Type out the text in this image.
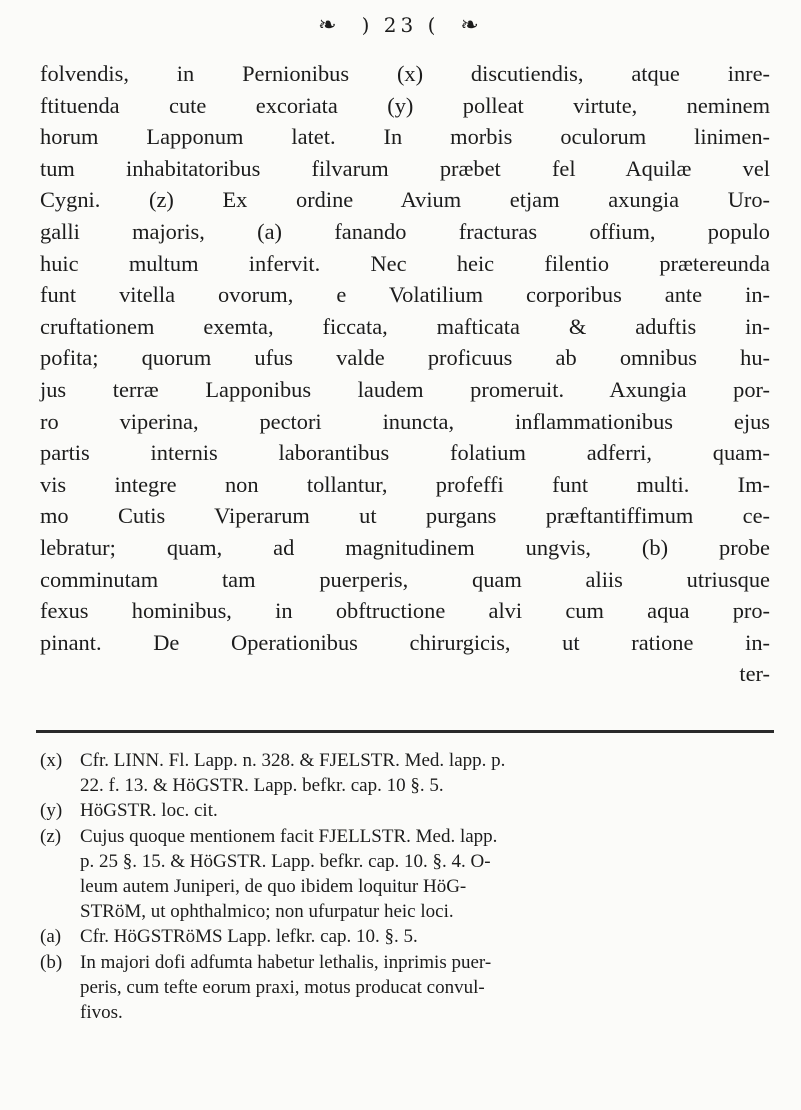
❧ ) 23 ( ❧
folvendis, in Pernionibus (x) discutiendis, atque inre-
ftituenda cute excoriata (y) polleat virtute, neminem
horum Lapponum latet. In morbis oculorum linimen-
tum inhabitatoribus filvarum præbet fel Aquilæ vel
Cygni. (z) Ex ordine Avium etjam axungia Uro-
galli majoris, (a) fanando fracturas offium, populo
huic multum infervit. Nec heic filentio prætereunda
funt vitella ovorum, e Volatilium corporibus ante in-
cruftationem exemta, ficcata, mafticata & aduftis in-
pofita; quorum ufus valde proficuus ab omnibus hu-
jus terræ Lapponibus laudem promeruit. Axungia por-
ro viperina, pectori inuncta, inflammationibus ejus
partis internis laborantibus folatium adferri, quam-
vis integre non tollantur, profeffi funt multi. Im-
mo Cutis Viperarum ut purgans præftantiffimum ce-
lebratur; quam, ad magnitudinem ungvis, (b) probe
comminutam tam puerperis, quam aliis utriusque
fexus hominibus, in obftructione alvi cum aqua pro-
pinant. De Operationibus chirurgicis, ut ratione in-
ter-
(x) Cfr. LINN. Fl. Lapp. n. 328. & FJELSTR. Med. lapp. p.
22. f. 13. & HöGSTR. Lapp. befkr. cap. 10 §. 5.
(y) HöGSTR. loc. cit.
(z) Cujus quoque mentionem facit FJELLSTR. Med. lapp.
p. 25 §. 15. & HöGSTR. Lapp. befkr. cap. 10. §. 4. O-
leum autem Juniperi, de quo ibidem loquitur HöG-
STRöM, ut ophthalmico; non ufurpatur heic loci.
(a) Cfr. HöGSTRöMS Lapp. lefkr. cap. 10. §. 5.
(b) In majori dofi adfumta habetur lethalis, inprimis puer-
peris, cum tefte eorum praxi, motus producat convul-
fivos.
